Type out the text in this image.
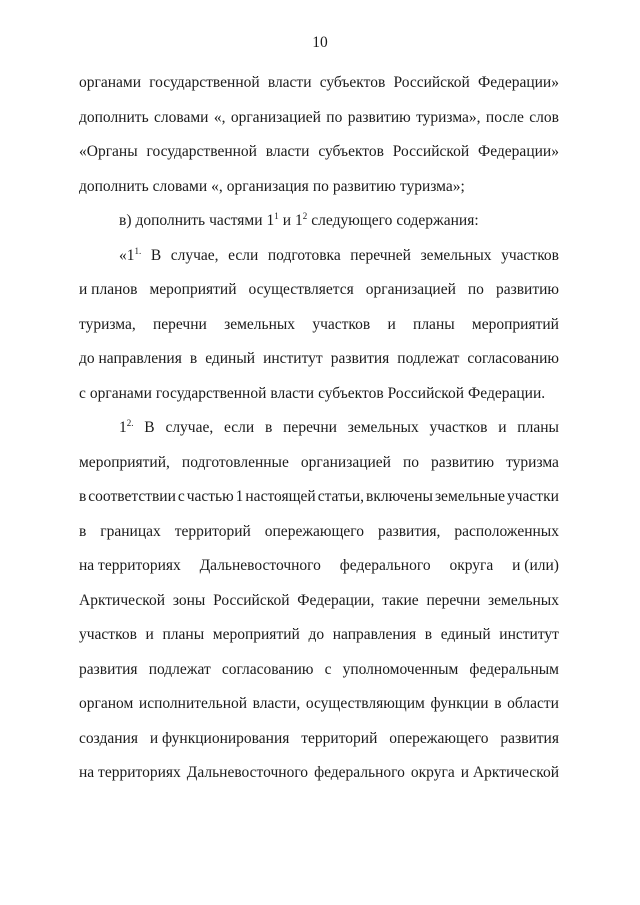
10
органами государственной власти субъектов Российской Федерации»
дополнить словами «, организацией по развитию туризма», после слов
«Органы государственной власти субъектов Российской Федерации»
дополнить словами «, организация по развитию туризма»;
в) дополнить частями $1^1$ и $1^2$ следующего содержания:
«$1^{1.}$ В случае, если подготовка перечней земельных участков
и планов мероприятий осуществляется организацией по развитию
туризма, перечни земельных участков и планы мероприятий
до направления в единый институт развития подлежат согласованию
с органами государственной власти субъектов Российской Федерации.
$1^{2.}$ В случае, если в перечни земельных участков и планы
мероприятий, подготовленные организацией по развитию туризма
в соответствии с частью 1 настоящей статьи, включены земельные участки
в границах территорий опережающего развития, расположенных
на территориях Дальневосточного федерального округа и (или)
Арктической зоны Российской Федерации, такие перечни земельных
участков и планы мероприятий до направления в единый институт
развития подлежат согласованию с уполномоченным федеральным
органом исполнительной власти, осуществляющим функции в области
создания и функционирования территорий опережающего развития
на территориях Дальневосточного федерального округа и Арктической
